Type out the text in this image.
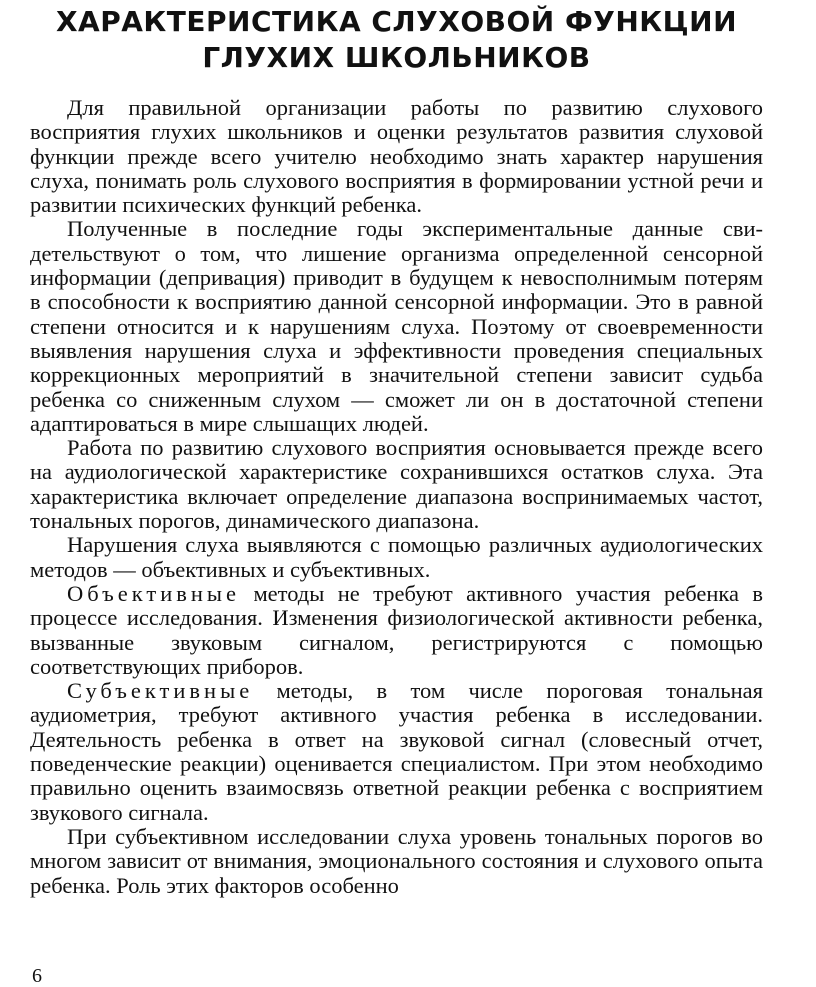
ХАРАКТЕРИСТИКА СЛУХОВОЙ ФУНКЦИИ
ГЛУХИХ ШКОЛЬНИКОВ

Для правильной организации работы по развитию слухового восприятия глухих школьников и оценки результатов развития слуховой функции прежде всего учителю необходимо знать характер нарушения слуха, понимать роль слухового восприятия в формировании устной речи и развитии психических функций ребенка.

Полученные в последние годы экспериментальные данные свидетельствуют о том, что лишение организма определенной сенсорной информации (депривация) приводит в будущем к невосполнимым потерям в способности к восприятию данной сенсорной информации. Это в равной степени относится и к нарушениям слуха. Поэтому от своевременности выявления нарушения слуха и эффективности проведения специальных коррекционных мероприятий в значительной степени зависит судьба ребенка со сниженным слухом — сможет ли он в достаточной степени адаптироваться в мире слышащих людей.

Работа по развитию слухового восприятия основывается прежде всего на аудиологической характеристике сохранившихся остатков слуха. Эта характеристика включает определение диапазона воспринимаемых частот, тональных порогов, динамического диапазона.

Нарушения слуха выявляются с помощью различных аудиологических методов — объективных и субъективных.

Объективные методы не требуют активного участия ребенка в процессе исследования. Изменения физиологической активности ребенка, вызванные звуковым сигналом, регистрируются с помощью соответствующих приборов.

Субъективные методы, в том числе пороговая тональная аудиометрия, требуют активного участия ребенка в исследовании. Деятельность ребенка в ответ на звуковой сигнал (словесный отчет, поведенческие реакции) оценивается специалистом. При этом необходимо правильно оценить взаимосвязь ответной реакции ребенка с восприятием звукового сигнала.

При субъективном исследовании слуха уровень тональных порогов во многом зависит от внимания, эмоционального состояния и слухового опыта ребенка. Роль этих факторов особенно

6
